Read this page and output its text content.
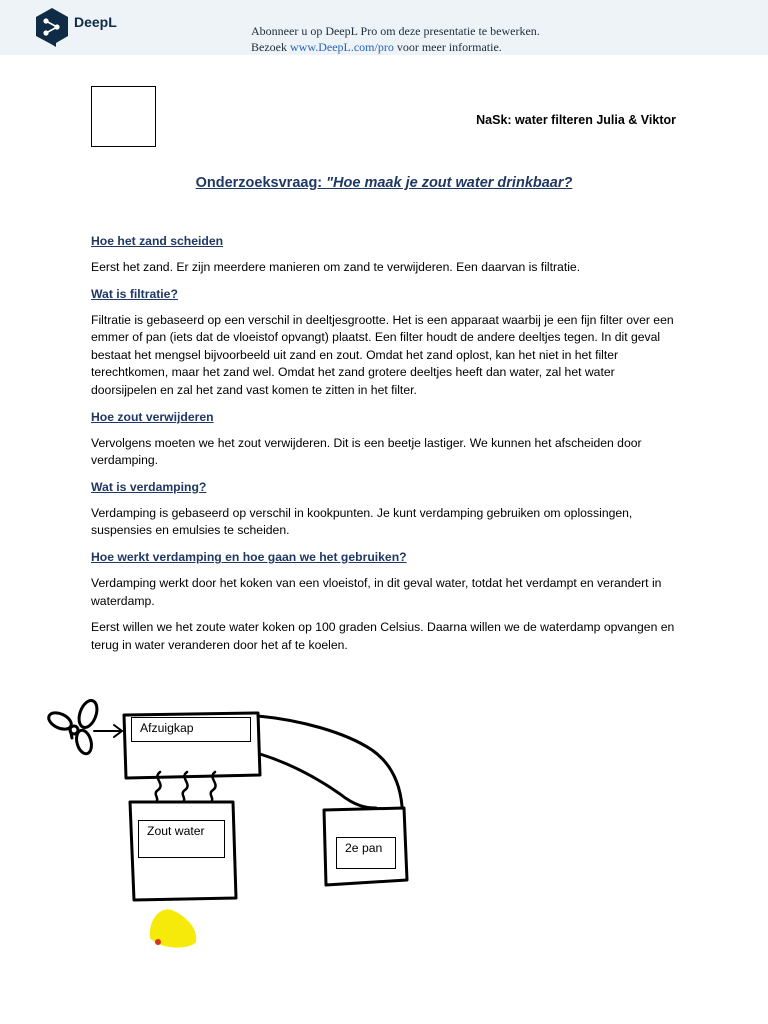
DeepL
Abonneer u op DeepL Pro om deze presentatie te bewerken.
Bezoek www.DeepL.com/pro voor meer informatie.
NaSk: water filteren Julia & Viktor
Onderzoeksvraag: "Hoe maak je zout water drinkbaar?
Hoe het zand scheiden

Eerst het zand. Er zijn meerdere manieren om zand te verwijderen. Een daarvan is filtratie.

Wat is filtratie?

Filtratie is gebaseerd op een verschil in deeltjesgrootte. Het is een apparaat waarbij je een fijn filter over een emmer of pan (iets dat de vloeistof opvangt) plaatst. Een filter houdt de andere deeltjes tegen. In dit geval bestaat het mengsel bijvoorbeeld uit zand en zout. Omdat het zand oplost, kan het niet in het filter terechtkomen, maar het zand wel. Omdat het zand grotere deeltjes heeft dan water, zal het water doorsijpelen en zal het zand vast komen te zitten in het filter.

Hoe zout verwijderen

Vervolgens moeten we het zout verwijderen. Dit is een beetje lastiger. We kunnen het afscheiden door verdamping.

Wat is verdamping?

Verdamping is gebaseerd op verschil in kookpunten. Je kunt verdamping gebruiken om oplossingen, suspensies en emulsies te scheiden.

Hoe werkt verdamping en hoe gaan we het gebruiken?

Verdamping werkt door het koken van een vloeistof, in dit geval water, totdat het verdampt en verandert in waterdamp.

Eerst willen we het zoute water koken op 100 graden Celsius. Daarna willen we de waterdamp opvangen en terug in water veranderen door het af te koelen.

Afzuigkap
Zout water
2e pan
